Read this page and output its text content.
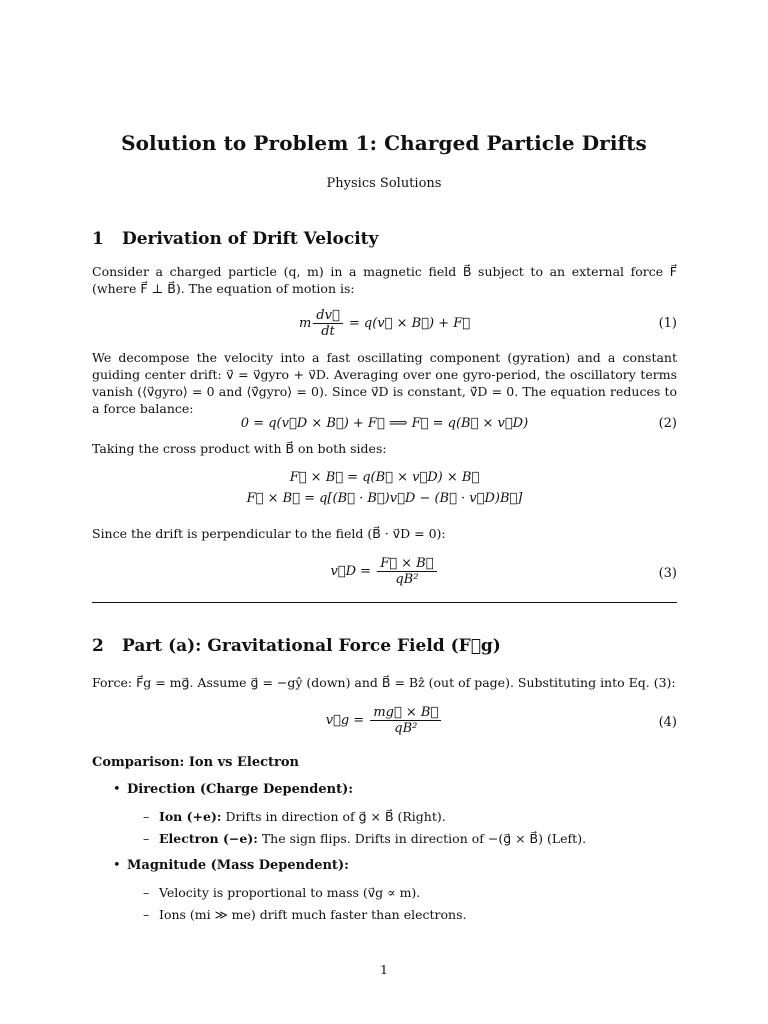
Solution to Problem 1: Charged Particle Drifts
Physics Solutions
1 Derivation of Drift Velocity
Consider a charged particle (q, m) in a magnetic field B⃗ subject to an external force F⃗ (where F⃗ ⊥ B⃗). The equation of motion is:
m $\frac{dv⃗}{dt}$ = q(v⃗ × B⃗) + F⃗	(1)
We decompose the velocity into a fast oscillating component (gyration) and a constant guiding center drift: v⃗ = v⃗gyro + v⃗D. Averaging over one gyro-period, the oscillatory terms vanish (⟨v⃗gyro⟩ = 0 and ⟨v⃗̇gyro⟩ = 0). Since v⃗D is constant, v⃗̇D = 0. The equation reduces to a force balance:
0 = q(v⃗D × B⃗) + F⃗ ⟹ F⃗ = q(B⃗ × v⃗D)	(2)
Taking the cross product with B⃗ on both sides:
F⃗ × B⃗ = q(B⃗ × v⃗D) × B⃗
F⃗ × B⃗ = q[(B⃗ · B⃗)v⃗D − (B⃗ · v⃗D)B⃗]
Since the drift is perpendicular to the field (B⃗ · v⃗D = 0):
v⃗D = $\frac{F⃗ \times B⃗}{\text{qB²}}$	(3)
2 Part (a): Gravitational Force Field (F⃗g)
Force: F⃗g = mg⃗. Assume g⃗ = −gŷ (down) and B⃗ = Bẑ (out of page). Substituting into Eq. (3):
v⃗g = $\frac{mg⃗ \times B⃗}{\text{qB²}}$	(4)
Comparison: Ion vs Electron
• Direction (Charge Dependent):
– Ion (+e): Drifts in direction of g⃗ × B⃗ (Right).
– Electron (−e): The sign flips. Drifts in direction of −(g⃗ × B⃗) (Left).
• Magnitude (Mass Dependent):
– Velocity is proportional to mass (v⃗g ∝ m).
– Ions (mi ≫ me) drift much faster than electrons.
1
